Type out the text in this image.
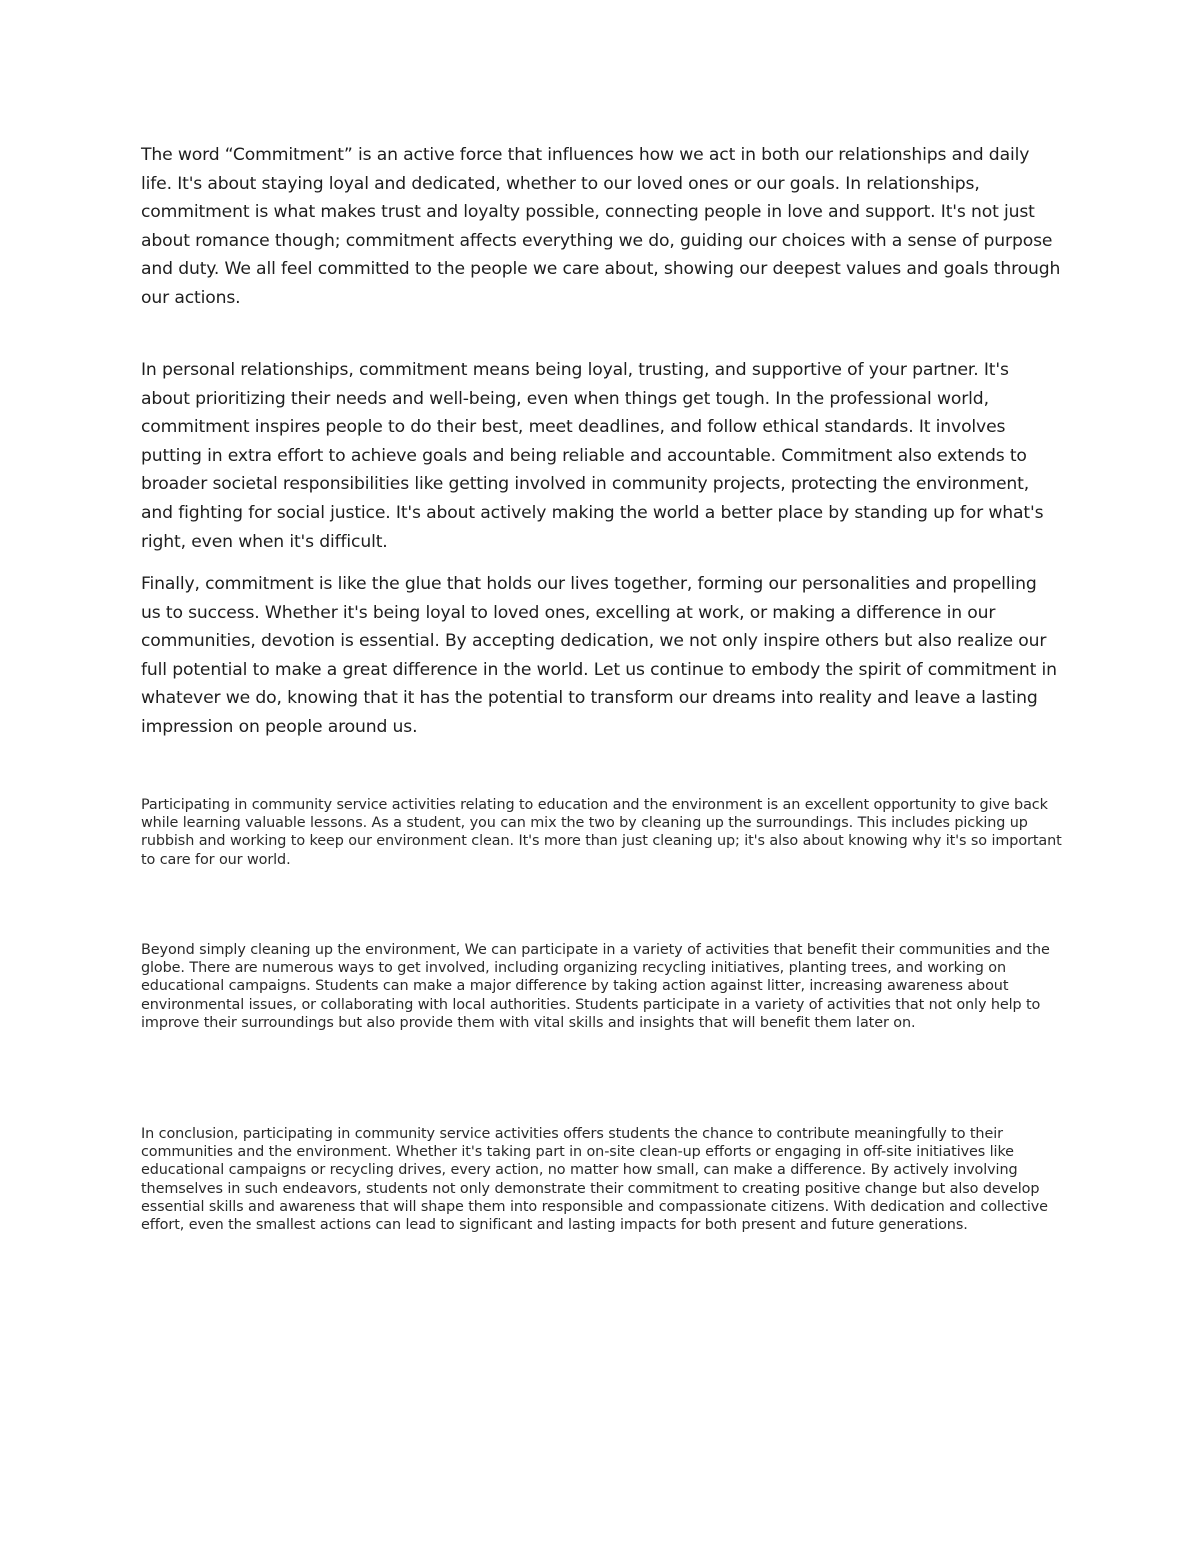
The word “Commitment” is an active force that influences how we act in both our relationships and daily life. It's about staying loyal and dedicated, whether to our loved ones or our goals. In relationships, commitment is what makes trust and loyalty possible, connecting people in love and support. It's not just about romance though; commitment affects everything we do, guiding our choices with a sense of purpose and duty. We all feel committed to the people we care about, showing our deepest values and goals through our actions.

In personal relationships, commitment means being loyal, trusting, and supportive of your partner. It's about prioritizing their needs and well-being, even when things get tough. In the professional world, commitment inspires people to do their best, meet deadlines, and follow ethical standards. It involves putting in extra effort to achieve goals and being reliable and accountable. Commitment also extends to broader societal responsibilities like getting involved in community projects, protecting the environment, and fighting for social justice. It's about actively making the world a better place by standing up for what's right, even when it's difficult.

Finally, commitment is like the glue that holds our lives together, forming our personalities and propelling us to success. Whether it's being loyal to loved ones, excelling at work, or making a difference in our communities, devotion is essential. By accepting dedication, we not only inspire others but also realize our full potential to make a great difference in the world. Let us continue to embody the spirit of commitment in whatever we do, knowing that it has the potential to transform our dreams into reality and leave a lasting impression on people around us.

Participating in community service activities relating to education and the environment is an excellent opportunity to give back while learning valuable lessons. As a student, you can mix the two by cleaning up the surroundings. This includes picking up rubbish and working to keep our environment clean. It's more than just cleaning up; it's also about knowing why it's so important to care for our world.

Beyond simply cleaning up the environment, We can participate in a variety of activities that benefit their communities and the globe. There are numerous ways to get involved, including organizing recycling initiatives, planting trees, and working on educational campaigns. Students can make a major difference by taking action against litter, increasing awareness about environmental issues, or collaborating with local authorities. Students participate in a variety of activities that not only help to improve their surroundings but also provide them with vital skills and insights that will benefit them later on.

In conclusion, participating in community service activities offers students the chance to contribute meaningfully to their communities and the environment. Whether it's taking part in on-site clean-up efforts or engaging in off-site initiatives like educational campaigns or recycling drives, every action, no matter how small, can make a difference. By actively involving themselves in such endeavors, students not only demonstrate their commitment to creating positive change but also develop essential skills and awareness that will shape them into responsible and compassionate citizens. With dedication and collective effort, even the smallest actions can lead to significant and lasting impacts for both present and future generations.
